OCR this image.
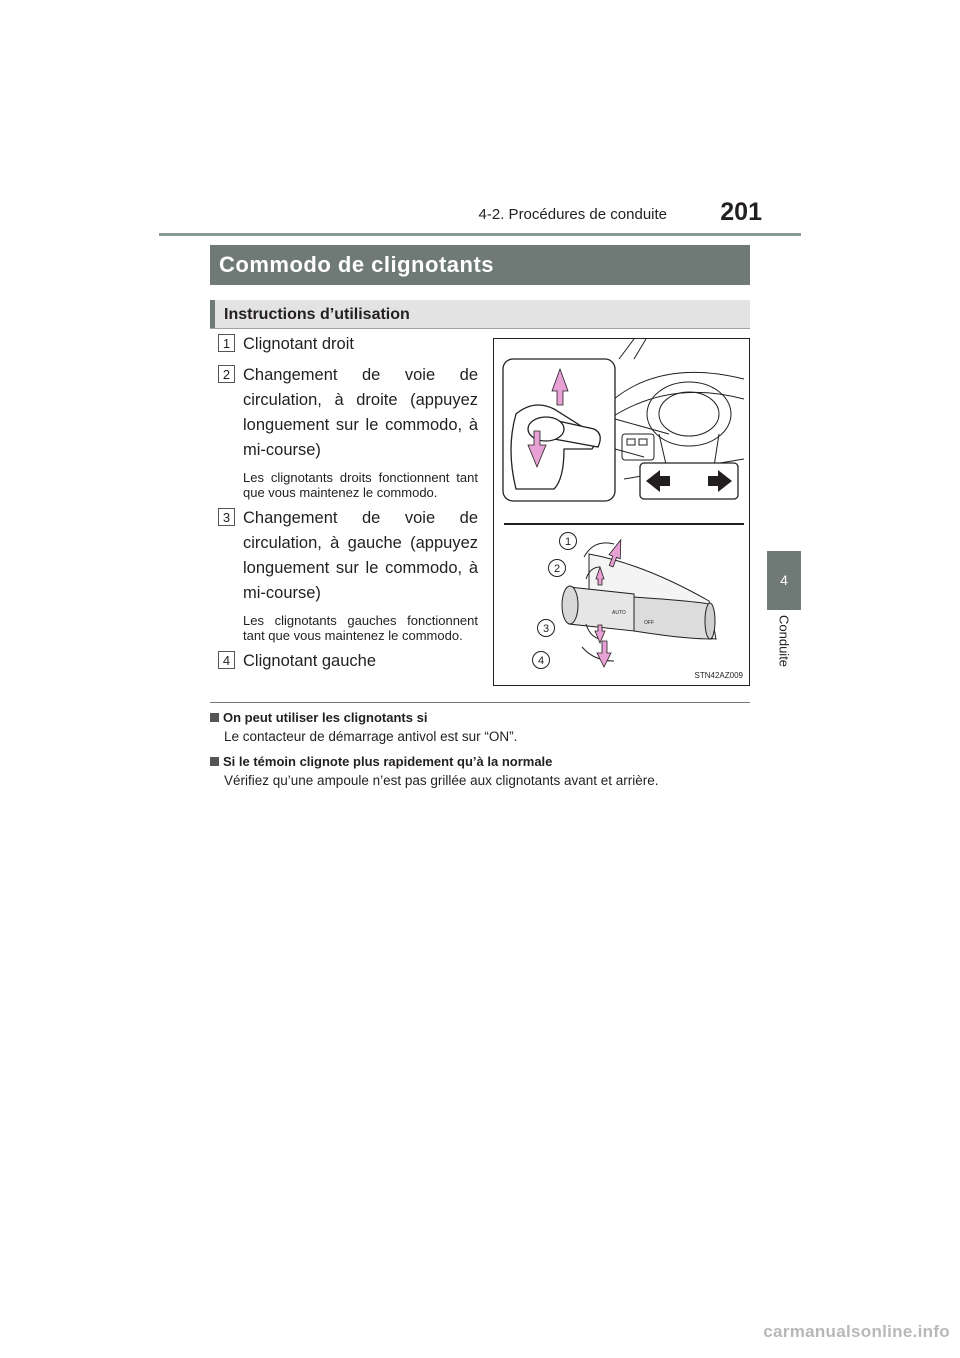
4-2. Procédures de conduite	201
4
Conduite
Commodo de clignotants
Instructions d’utilisation
1 Clignotant droit
2 Changement de voie de circulation, à droite (appuyez longuement sur le commodo, à mi-course)
Les clignotants droits fonctionnent tant que vous maintenez le commodo.
3 Changement de voie de circulation, à gauche (appuyez longuement sur le commodo, à mi-course)
Les clignotants gauches fonctionnent tant que vous maintenez le commodo.
4 Clignotant gauche
AUTO
OFF
1
2
3
4
STN42AZ009
On peut utiliser les clignotants si
Le contacteur de démarrage antivol est sur “ON”.
Si le témoin clignote plus rapidement qu’à la normale
Vérifiez qu’une ampoule n’est pas grillée aux clignotants avant et arrière.
carmanualsonline.info
